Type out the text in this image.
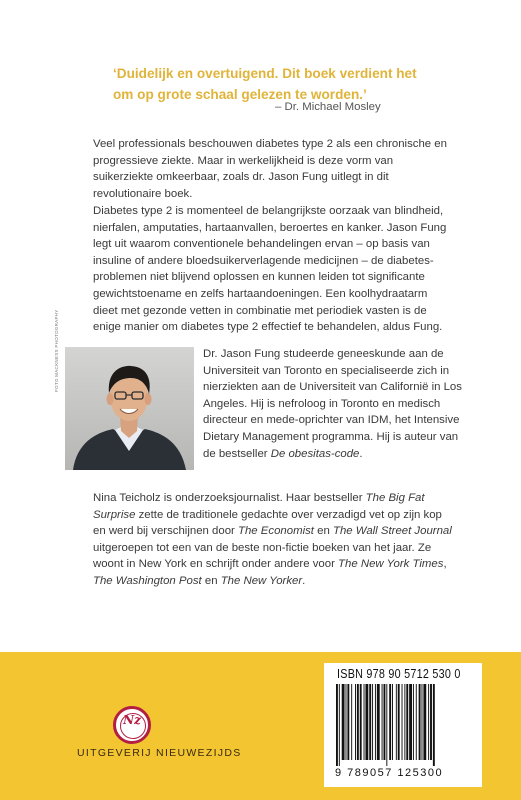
‘Duidelijk en overtuigend. Dit boek verdient het
om op grote schaal gelezen te worden.’
– Dr. Michael Mosley

Veel professionals beschouwen diabetes type 2 als een chronische en progressieve ziekte. Maar in werkelijkheid is deze vorm van suikerziekte omkeerbaar, zoals dr. Jason Fung uitlegt in dit revolutionaire boek.

Diabetes type 2 is momenteel de belangrijkste oorzaak van blindheid, nierfalen, amputaties, hartaanvallen, beroertes en kanker. Jason Fung legt uit waarom conventionele behandelingen ervan – op basis van insuline of andere bloedsuikerverlagende medicijnen – de diabetes-problemen niet blijvend oplossen en kunnen leiden tot significante gewichtstoename en zelfs hartaandoeningen. Een koolhydraatarm dieet met gezonde vetten in combinatie met periodiek vasten is de enige manier om diabetes type 2 effectief te behandelen, aldus Fung.

FOTO MACKNESS PHOTOGRAPHY	Dr. Jason Fung studeerde geneeskunde aan de Universiteit van Toronto en specialiseerde zich in nierziekten aan de Universiteit van Californië in Los Angeles. Hij is nefroloog in Toronto en medisch directeur en mede-oprichter van IDM, het Intensive Dietary Management programma. Hij is auteur van de bestseller De obesitas-code.

Nina Teicholz is onderzoeksjournalist. Haar bestseller The Big Fat Surprise zette de traditionele gedachte over verzadigd vet op zijn kop en werd bij verschijnen door The Economist en The Wall Street Journal uitgeroepen tot een van de beste non-fictie boeken van het jaar. Ze woont in New York en schrijft onder andere voor The New York Times, The Washington Post en The New Yorker.

Nz
UITGEVERIJ NIEUWEZIJDS
ISBN 978 90 5712 530 0
9 789057 125300
